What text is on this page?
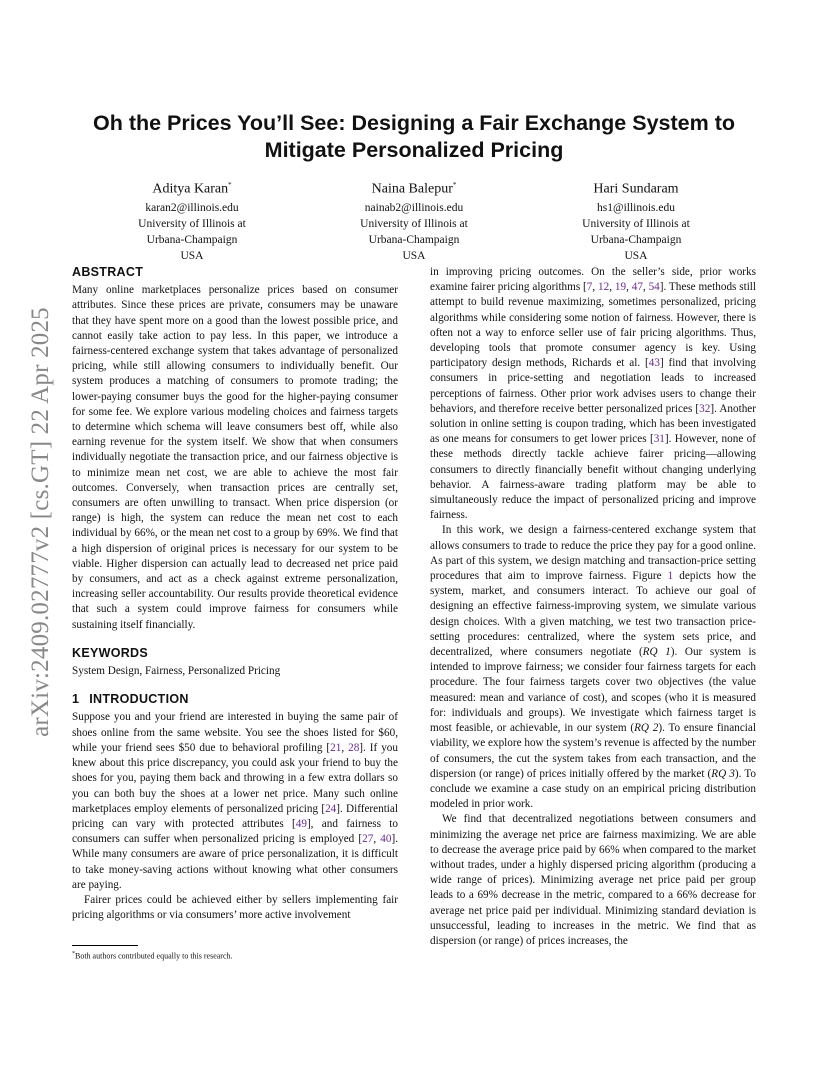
arXiv:2409.02777v2 [cs.GT] 22 Apr 2025
Oh the Prices You’ll See: Designing a Fair Exchange System to Mitigate Personalized Pricing
Aditya Karan*
karan2@illinois.edu
University of Illinois at
Urbana-Champaign
USA
Naina Balepur*
nainab2@illinois.edu
University of Illinois at
Urbana-Champaign
USA
Hari Sundaram
hs1@illinois.edu
University of Illinois at
Urbana-Champaign
USA
ABSTRACT

Many online marketplaces personalize prices based on consumer attributes. Since these prices are private, consumers may be unaware that they have spent more on a good than the lowest possible price, and cannot easily take action to pay less. In this paper, we introduce a fairness-centered exchange system that takes advantage of personalized pricing, while still allowing consumers to individually benefit. Our system produces a matching of consumers to promote trading; the lower-paying consumer buys the good for the higher-paying consumer for some fee. We explore various modeling choices and fairness targets to determine which schema will leave consumers best off, while also earning revenue for the system itself. We show that when consumers individually negotiate the transaction price, and our fairness objective is to minimize mean net cost, we are able to achieve the most fair outcomes. Conversely, when transaction prices are centrally set, consumers are often unwilling to transact. When price dispersion (or range) is high, the system can reduce the mean net cost to each individual by 66%, or the mean net cost to a group by 69%. We find that a high dispersion of original prices is necessary for our system to be viable. Higher dispersion can actually lead to decreased net price paid by consumers, and act as a check against extreme personalization, increasing seller accountability. Our results provide theoretical evidence that such a system could improve fairness for consumers while sustaining itself financially.

KEYWORDS

System Design, Fairness, Personalized Pricing

1 INTRODUCTION

Suppose you and your friend are interested in buying the same pair of shoes online from the same website. You see the shoes listed for $60, while your friend sees $50 due to behavioral profiling [21, 28]. If you knew about this price discrepancy, you could ask your friend to buy the shoes for you, paying them back and throwing in a few extra dollars so you can both buy the shoes at a lower net price. Many such online marketplaces employ elements of personalized pricing [24]. Differential pricing can vary with protected attributes [49], and fairness to consumers can suffer when personalized pricing is employed [27, 40]. While many consumers are aware of price personalization, it is difficult to take money-saving actions without knowing what other consumers are paying.

Fairer prices could be achieved either by sellers implementing fair pricing algorithms or via consumers’ more active involvement

in improving pricing outcomes. On the seller’s side, prior works examine fairer pricing algorithms [7, 12, 19, 47, 54]. These methods still attempt to build revenue maximizing, sometimes personalized, pricing algorithms while considering some notion of fairness. However, there is often not a way to enforce seller use of fair pricing algorithms. Thus, developing tools that promote consumer agency is key. Using participatory design methods, Richards et al. [43] find that involving consumers in price-setting and negotiation leads to increased perceptions of fairness. Other prior work advises users to change their behaviors, and therefore receive better personalized prices [32]. Another solution in online setting is coupon trading, which has been investigated as one means for consumers to get lower prices [31]. However, none of these methods directly tackle achieve fairer pricing—allowing consumers to directly financially benefit without changing underlying behavior. A fairness-aware trading platform may be able to simultaneously reduce the impact of personalized pricing and improve fairness.

In this work, we design a fairness-centered exchange system that allows consumers to trade to reduce the price they pay for a good online. As part of this system, we design matching and transaction-price setting procedures that aim to improve fairness. Figure 1 depicts how the system, market, and consumers interact. To achieve our goal of designing an effective fairness-improving system, we simulate various design choices. With a given matching, we test two transaction price-setting procedures: centralized, where the system sets price, and decentralized, where consumers negotiate (RQ 1). Our system is intended to improve fairness; we consider four fairness targets for each procedure. The four fairness targets cover two objectives (the value measured: mean and variance of cost), and scopes (who it is measured for: individuals and groups). We investigate which fairness target is most feasible, or achievable, in our system (RQ 2). To ensure financial viability, we explore how the system’s revenue is affected by the number of consumers, the cut the system takes from each transaction, and the dispersion (or range) of prices initially offered by the market (RQ 3). To conclude we examine a case study on an empirical pricing distribution modeled in prior work.

We find that decentralized negotiations between consumers and minimizing the average net price are fairness maximizing. We are able to decrease the average price paid by 66% when compared to the market without trades, under a highly dispersed pricing algorithm (producing a wide range of prices). Minimizing average net price paid per group leads to a 69% decrease in the metric, compared to a 66% decrease for average net price paid per individual. Minimizing standard deviation is unsuccessful, leading to increases in the metric. We find that as dispersion (or range) of prices increases, the

*Both authors contributed equally to this research.
